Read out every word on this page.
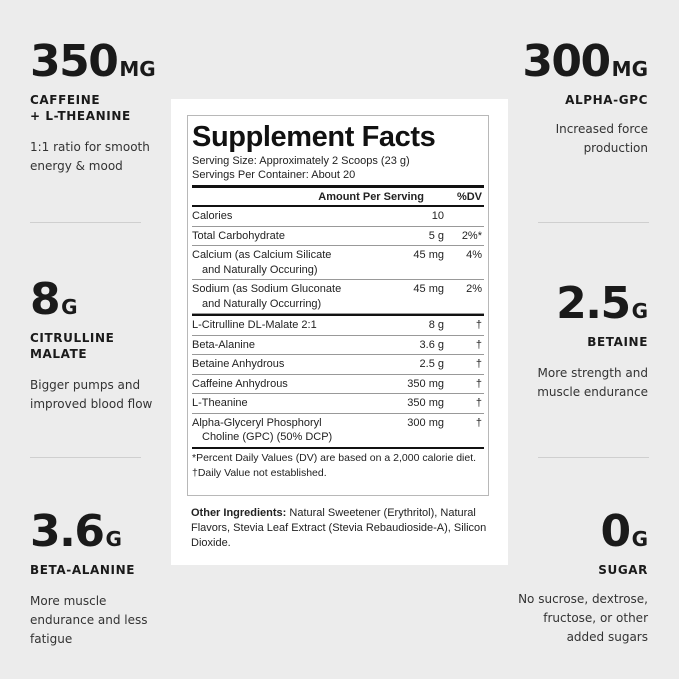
350 MG
CAFFEINE
+ L-THEANINE
1:1 ratio for smooth
energy & mood
8 G
CITRULLINE
MALATE
Bigger pumps and
improved blood flow
3.6 G
BETA-ALANINE
More muscle
endurance and less
fatigue
300 MG
ALPHA-GPC
Increased force
production
2.5 G
BETAINE
More strength and
muscle endurance
0 G
SUGAR
No sucrose, dextrose,
fructose, or other
added sugars
Supplement Facts
Serving Size: Approximately 2 Scoops (23 g)
Servings Per Container: About 20
Amount Per Serving	%DV
Calories	10
Total Carbohydrate	5 g	2%*
Calcium (as Calcium Silicate
and Naturally Occuring)
45 mg	4%
Sodium (as Sodium Gluconate
and Naturally Occurring)
45 mg	2%
L-Citrulline DL-Malate 2:1	8 g	†
Beta-Alanine	3.6 g	†
Betaine Anhydrous	2.5 g	†
Caffeine Anhydrous	350 mg	†
L-Theanine	350 mg	†
Alpha-Glyceryl Phosphoryl
Choline (GPC) (50% DCP)
300 mg	†
*Percent Daily Values (DV) are based on a 2,000 calorie diet.
†Daily Value not established.
Other Ingredients: Natural Sweetener (Erythritol), Natural Flavors, Stevia Leaf Extract (Stevia Rebaudioside-A), Silicon Dioxide.
